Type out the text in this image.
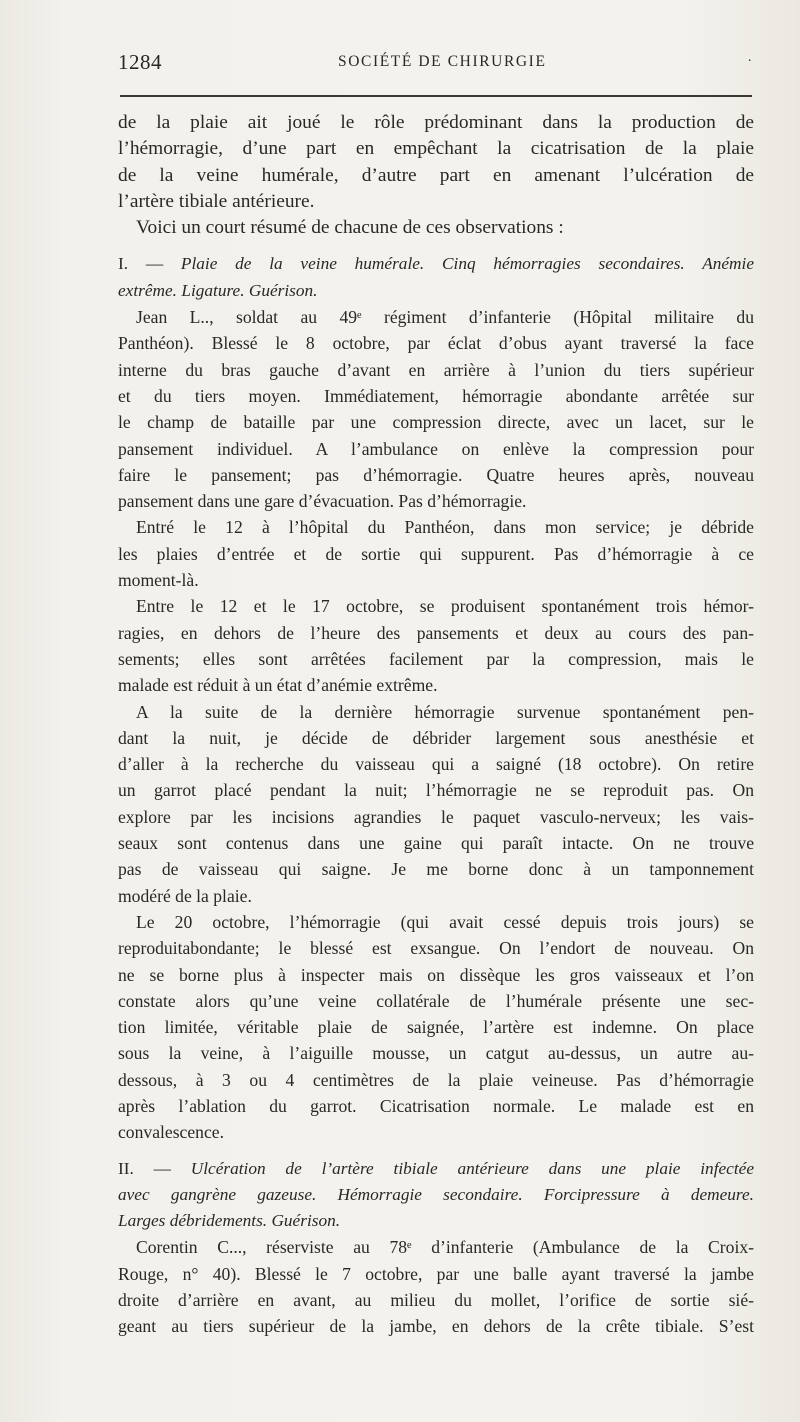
1284	SOCIÉTÉ DE CHIRURGIE	·
de la plaie ait joué le rôle prédominant dans la production de
l’hémorragie, d’une part en empêchant la cicatrisation de la plaie
de la veine humérale, d’autre part en amenant l’ulcération de
l’artère tibiale antérieure.
Voici un court résumé de chacune de ces observations :
I. — Plaie de la veine humérale. Cinq hémorragies secondaires. Anémie
extrême. Ligature. Guérison.
Jean L.., soldat au 49ᵉ régiment d’infanterie (Hôpital militaire du
Panthéon). Blessé le 8 octobre, par éclat d’obus ayant traversé la face
interne du bras gauche d’avant en arrière à l’union du tiers supérieur
et du tiers moyen. Immédiatement, hémorragie abondante arrêtée sur
le champ de bataille par une compression directe, avec un lacet, sur le
pansement individuel. A l’ambulance on enlève la compression pour
faire le pansement; pas d’hémorragie. Quatre heures après, nouveau
pansement dans une gare d’évacuation. Pas d’hémorragie.
Entré le 12 à l’hôpital du Panthéon, dans mon service; je débride
les plaies d’entrée et de sortie qui suppurent. Pas d’hémorragie à ce
moment-là.
Entre le 12 et le 17 octobre, se produisent spontanément trois hémor-
ragies, en dehors de l’heure des pansements et deux au cours des pan-
sements; elles sont arrêtées facilement par la compression, mais le
malade est réduit à un état d’anémie extrême.
A la suite de la dernière hémorragie survenue spontanément pen-
dant la nuit, je décide de débrider largement sous anesthésie et
d’aller à la recherche du vaisseau qui a saigné (18 octobre). On retire
un garrot placé pendant la nuit; l’hémorragie ne se reproduit pas. On
explore par les incisions agrandies le paquet vasculo-nerveux; les vais-
seaux sont contenus dans une gaine qui paraît intacte. On ne trouve
pas de vaisseau qui saigne. Je me borne donc à un tamponnement
modéré de la plaie.
Le 20 octobre, l’hémorragie (qui avait cessé depuis trois jours) se
reproduitabondante; le blessé est exsangue. On l’endort de nouveau. On
ne se borne plus à inspecter mais on dissèque les gros vaisseaux et l’on
constate alors qu’une veine collatérale de l’humérale présente une sec-
tion limitée, véritable plaie de saignée, l’artère est indemne. On place
sous la veine, à l’aiguille mousse, un catgut au-dessus, un autre au-
dessous, à 3 ou 4 centimètres de la plaie veineuse. Pas d’hémorragie
après l’ablation du garrot. Cicatrisation normale. Le malade est en
convalescence.
II. — Ulcération de l’artère tibiale antérieure dans une plaie infectée
avec gangrène gazeuse. Hémorragie secondaire. Forcipressure à demeure.
Larges débridements. Guérison.
Corentin C..., réserviste au 78ᵉ d’infanterie (Ambulance de la Croix-
Rouge, n° 40). Blessé le 7 octobre, par une balle ayant traversé la jambe
droite d’arrière en avant, au milieu du mollet, l’orifice de sortie sié-
geant au tiers supérieur de la jambe, en dehors de la crête tibiale. S’est
